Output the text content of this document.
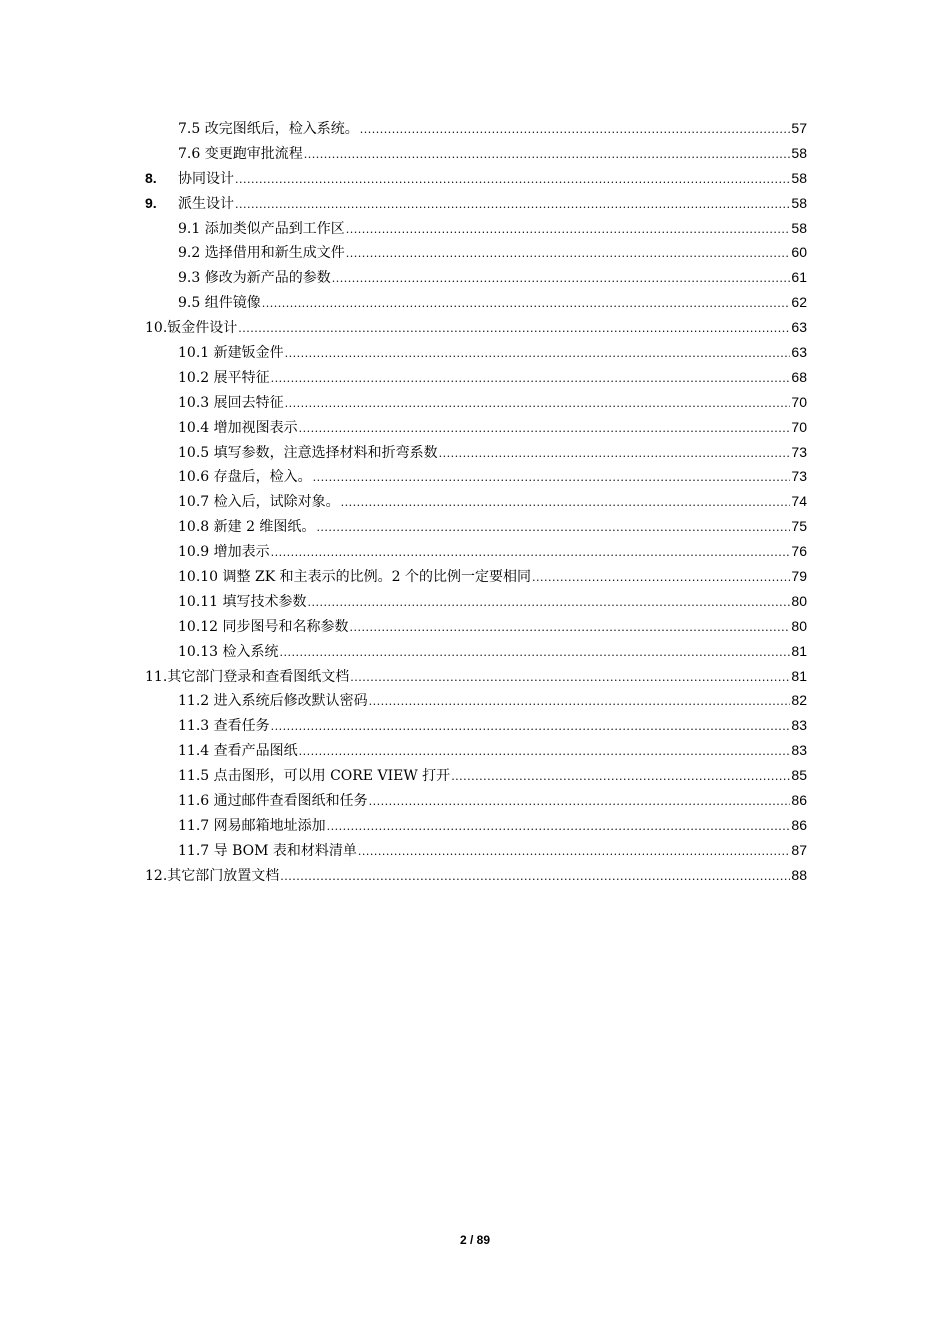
7.5 改完图纸后，检入系统。 .....	57
7.6 变更跑审批流程 .....	58
8.	协同设计 .....	58
9.	派生设计 .....	58
9.1 添加类似产品到工作区 .....	58
9.2 选择借用和新生成文件 .....	60
9.3 修改为新产品的参数 .....	61
9.5 组件镜像 .....	62
10.钣金件设计 .....	63
10.1 新建钣金件 .....	63
10.2 展平特征 .....	68
10.3 展回去特征 .....	70
10.4 增加视图表示 .....	70
10.5 填写参数，注意选择材料和折弯系数 .....	73
10.6 存盘后，检入。 .....	73
10.7 检入后，试除对象。 .....	74
10.8 新建 2 维图纸。 .....	75
10.9 增加表示 .....	76
10.10 调整 ZK 和主表示的比例。2 个的比例一定要相同 .....	79
10.11 填写技术参数 .....	80
10.12 同步图号和名称参数 .....	80
10.13 检入系统 .....	81
11.其它部门登录和查看图纸文档 .....	81
11.2 进入系统后修改默认密码 .....	82
11.3 查看任务 .....	83
11.4 查看产品图纸 .....	83
11.5 点击图形，可以用 CORE VIEW 打开 .....	85
11.6 通过邮件查看图纸和任务 .....	86
11.7 网易邮箱地址添加 .....	86
11.7 导 BOM 表和材料清单 .....	87
12.其它部门放置文档 .....	88
2 / 89
